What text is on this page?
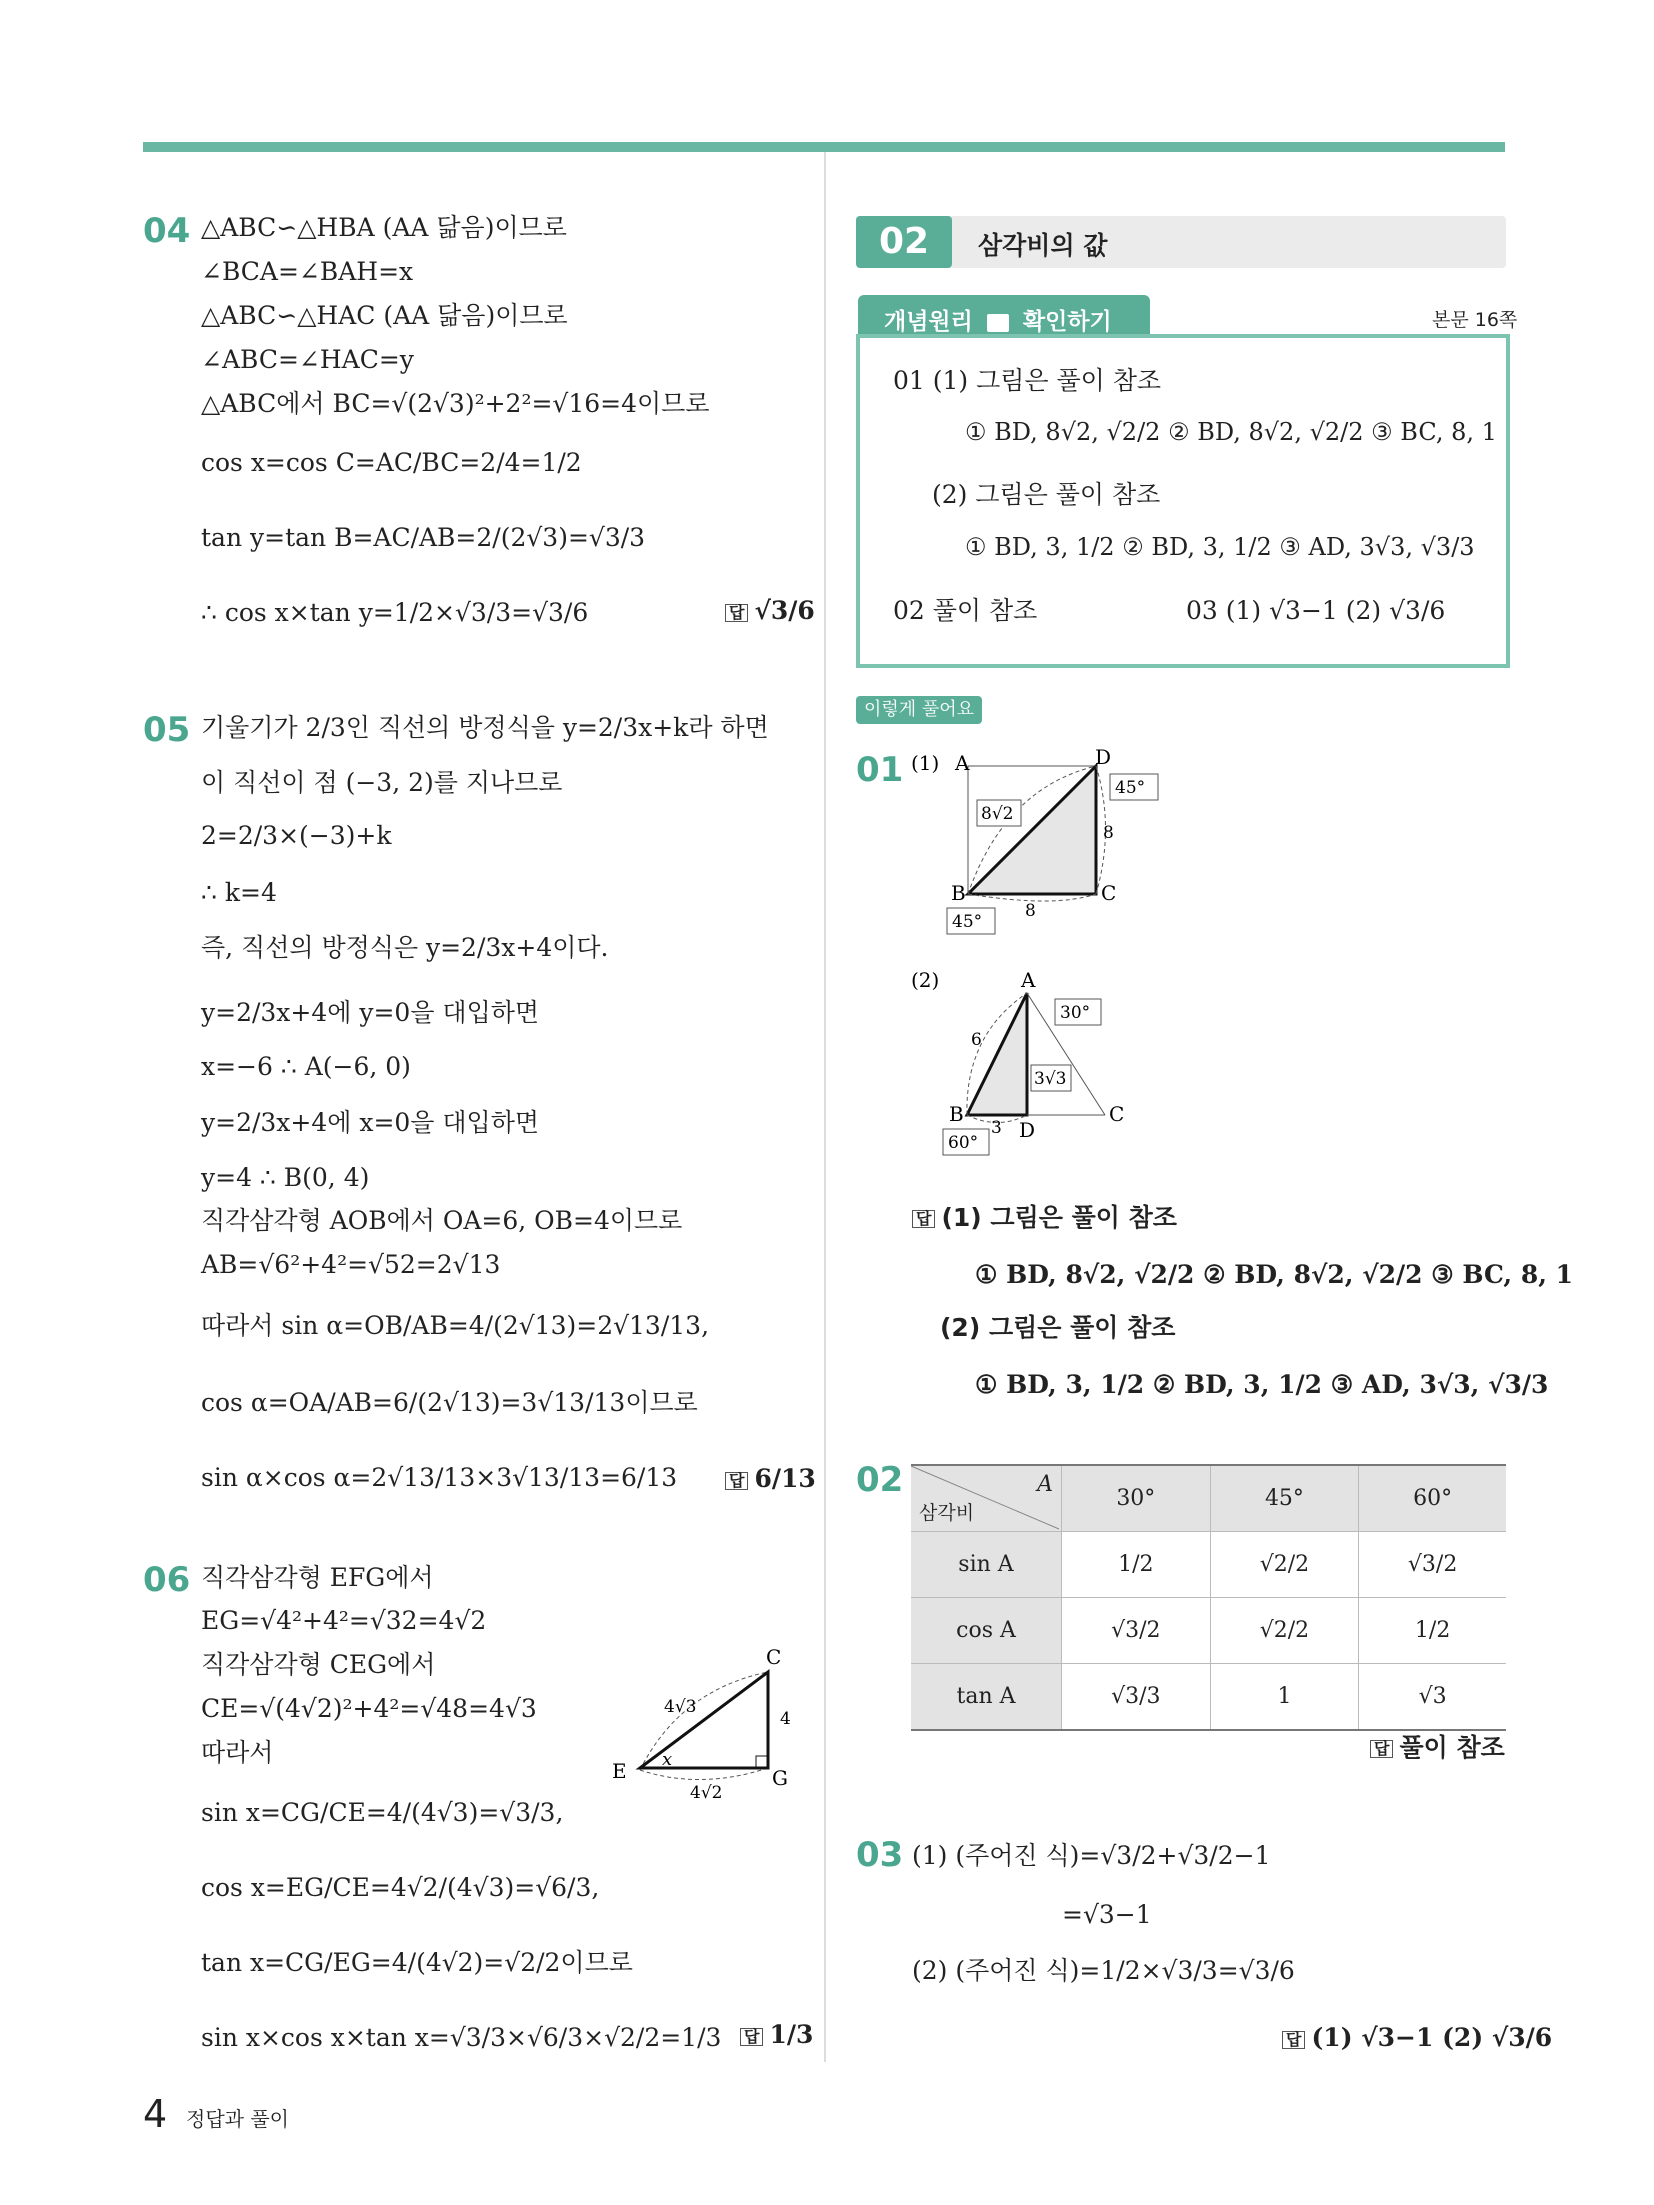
04 △ABC∽△HBA (AA 닮음)이므로
∠BCA=∠BAH=x
△ABC∽△HAC (AA 닮음)이므로
∠ABC=∠HAC=y
△ABC에서 BC=√(2√3)²+2²=√16=4이므로
cos x=cos C=AC/BC=2/4=1/2
tan y=tan B=AC/AB=2/(2√3)=√3/3
∴ cos x×tan y=1/2×√3/3=√3/6	답 √3/6
05 기울기가 2/3인 직선의 방정식을 y=2/3x+k라 하면
이 직선이 점 (−3, 2)를 지나므로
2=2/3×(−3)+k
∴ k=4
즉, 직선의 방정식은 y=2/3x+4이다.
y=2/3x+4에 y=0을 대입하면
x=−6 ∴ A(−6, 0)
y=2/3x+4에 x=0을 대입하면
y=4 ∴ B(0, 4)
직각삼각형 AOB에서 OA=6, OB=4이므로
AB=√6²+4²=√52=2√13
따라서 sin α=OB/AB=4/(2√13)=2√13/13,
cos α=OA/AB=6/(2√13)=3√13/13이므로
sin α×cos α=2√13/13×3√13/13=6/13	답 6/13
06 직각삼각형 EFG에서
EG=√4²+4²=√32=4√2
직각삼각형 CEG에서
CE=√(4√2)²+4²=√48=4√3
따라서
sin x=CG/CE=4/(4√3)=√3/3,
cos x=EG/CE=4√2/(4√3)=√6/3,
tan x=CG/EG=4/(4√2)=√2/2이므로
sin x×cos x×tan x=√3/3×√6/3×√2/2=1/3 답 1/3
C
E	G
x
4√3
4
4√2
02	삼각비의 값
개념원리 확인하기	본문 16쪽
01 (1) 그림은 풀이 참조
① BD, 8√2, √2/2 ② BD, 8√2, √2/2 ③ BC, 8, 1
(2) 그림은 풀이 참조
① BD, 3, 1/2 ② BD, 3, 1/2 ③ AD, 3√3, √3/3
02 풀이 참조	03 (1) √3−1 (2) √3/6
이렇게 풀어요
01 (1) A	D
B	C
8√2
8
8
45°
45°
(2)	A
B	C
D
6
3
3√3
30°
60°
답 (1) 그림은 풀이 참조
① BD, 8√2, √2/2 ② BD, 8√2, √2/2 ③ BC, 8, 1
(2) 그림은 풀이 참조
① BD, 3, 1/2 ② BD, 3, 1/2 ③ AD, 3√3, √3/3
02	A
삼각비	30°	45°	60°
sin A	1/2	√2/2	√3/2
cos A	√3/2	√2/2	1/2
tan A	√3/3	1	√3
답 풀이 참조
03 (1) (주어진 식)=√3/2+√3/2−1
=√3−1
(2) (주어진 식)=1/2×√3/3=√3/6
답 (1) √3−1 (2) √3/6
4 정답과 풀이
